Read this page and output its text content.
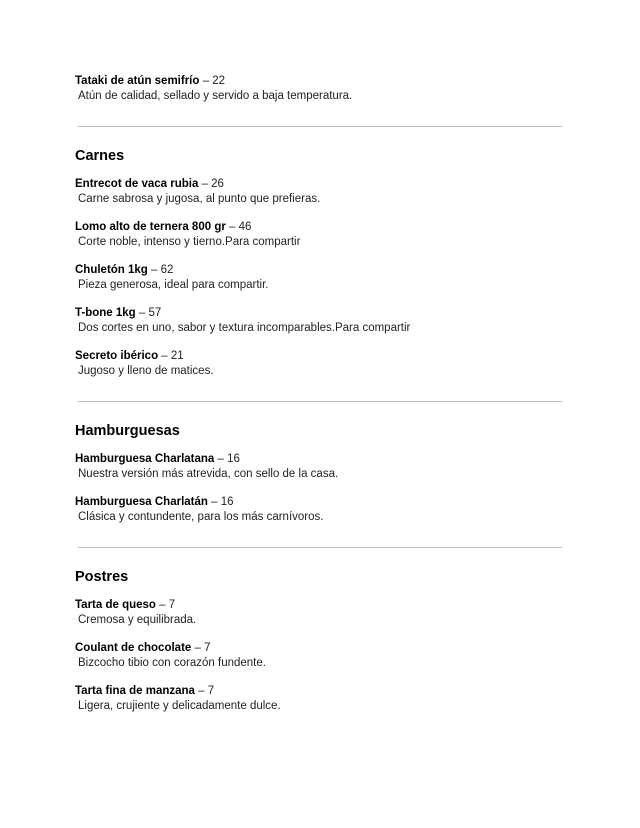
Tataki de atún semifrío – 22
Atún de calidad, sellado y servido a baja temperatura.
Carnes
Entrecot de vaca rubia – 26
Carne sabrosa y jugosa, al punto que prefieras.
Lomo alto de ternera 800 gr – 46
Corte noble, intenso y tierno.Para compartir
Chuletón 1kg – 62
Pieza generosa, ideal para compartir.
T-bone 1kg – 57
Dos cortes en uno, sabor y textura incomparables.Para compartir
Secreto ibérico – 21
Jugoso y lleno de matices.
Hamburguesas
Hamburguesa Charlatana – 16
Nuestra versión más atrevida, con sello de la casa.
Hamburguesa Charlatán – 16
Clásica y contundente, para los más carnívoros.
Postres
Tarta de queso – 7
Cremosa y equilibrada.
Coulant de chocolate – 7
Bizcocho tibio con corazón fundente.
Tarta fina de manzana – 7
Ligera, crujiente y delicadamente dulce.
